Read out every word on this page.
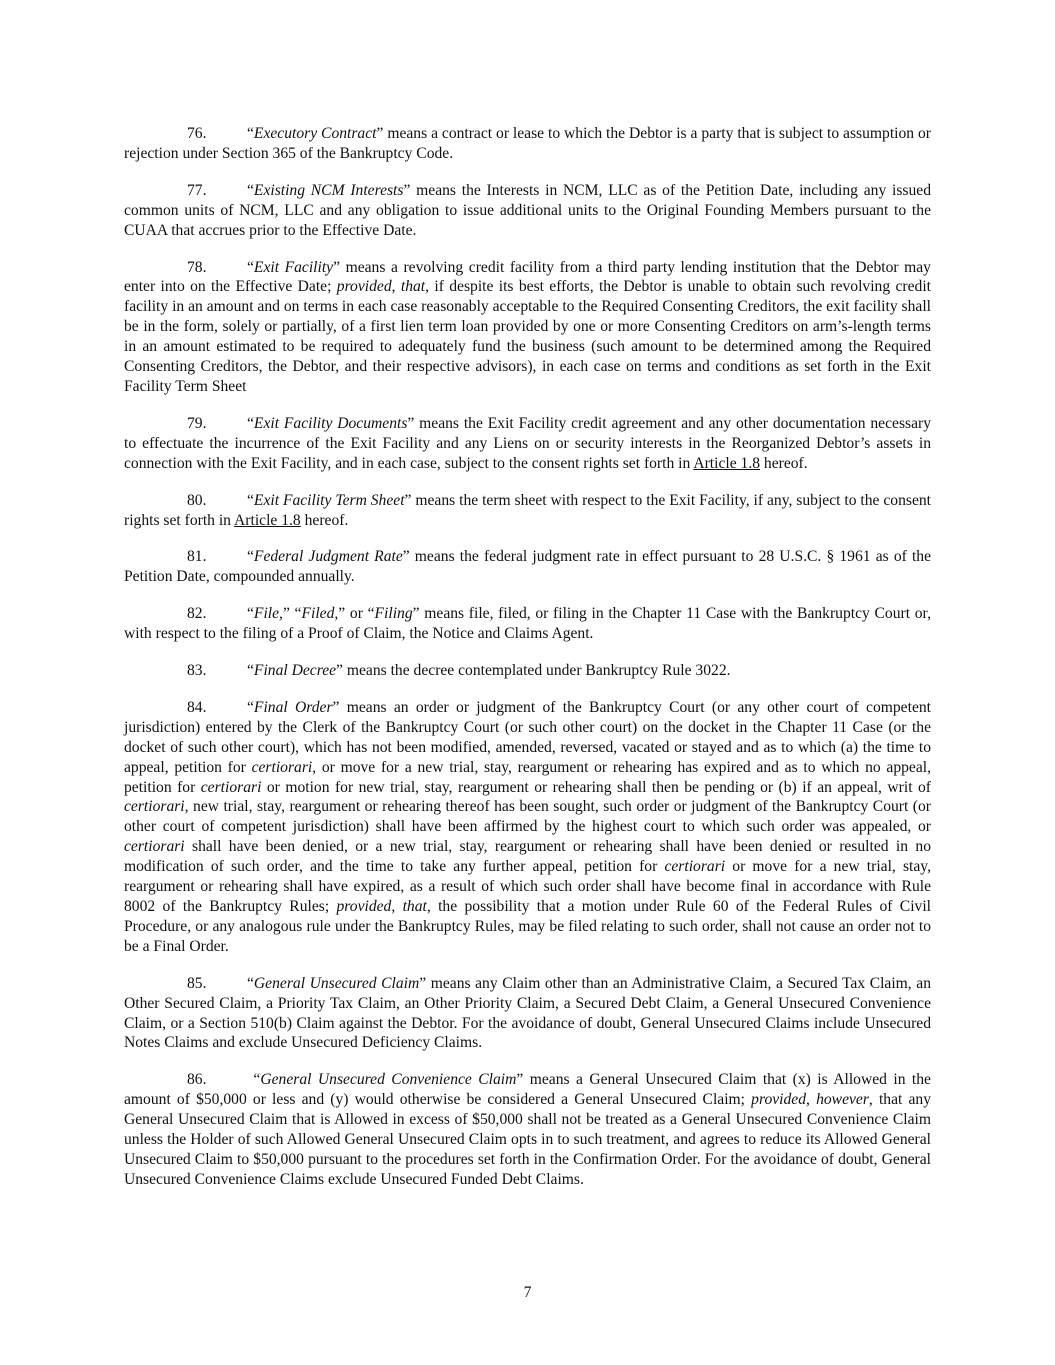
76.	“Executory Contract” means a contract or lease to which the Debtor is a party that is subject to assumption or rejection under Section 365 of the Bankruptcy Code.

77.	“Existing NCM Interests” means the Interests in NCM, LLC as of the Petition Date, including any issued common units of NCM, LLC and any obligation to issue additional units to the Original Founding Members pursuant to the CUAA that accrues prior to the Effective Date.

78.	“Exit Facility” means a revolving credit facility from a third party lending institution that the Debtor may enter into on the Effective Date; provided, that, if despite its best efforts, the Debtor is unable to obtain such revolving credit facility in an amount and on terms in each case reasonably acceptable to the Required Consenting Creditors, the exit facility shall be in the form, solely or partially, of a first lien term loan provided by one or more Consenting Creditors on arm’s-length terms in an amount estimated to be required to adequately fund the business (such amount to be determined among the Required Consenting Creditors, the Debtor, and their respective advisors), in each case on terms and conditions as set forth in the Exit Facility Term Sheet

79.	“Exit Facility Documents” means the Exit Facility credit agreement and any other documentation necessary to effectuate the incurrence of the Exit Facility and any Liens on or security interests in the Reorganized Debtor’s assets in connection with the Exit Facility, and in each case, subject to the consent rights set forth in Article 1.8 hereof.

80.	“Exit Facility Term Sheet” means the term sheet with respect to the Exit Facility, if any, subject to the consent rights set forth in Article 1.8 hereof.

81.	“Federal Judgment Rate” means the federal judgment rate in effect pursuant to 28 U.S.C. § 1961 as of the Petition Date, compounded annually.

82.	“File,” “Filed,” or “Filing” means file, filed, or filing in the Chapter 11 Case with the Bankruptcy Court or, with respect to the filing of a Proof of Claim, the Notice and Claims Agent.

83.	“Final Decree” means the decree contemplated under Bankruptcy Rule 3022.

84.	“Final Order” means an order or judgment of the Bankruptcy Court (or any other court of competent jurisdiction) entered by the Clerk of the Bankruptcy Court (or such other court) on the docket in the Chapter 11 Case (or the docket of such other court), which has not been modified, amended, reversed, vacated or stayed and as to which (a) the time to appeal, petition for certiorari, or move for a new trial, stay, reargument or rehearing has expired and as to which no appeal, petition for certiorari or motion for new trial, stay, reargument or rehearing shall then be pending or (b) if an appeal, writ of certiorari, new trial, stay, reargument or rehearing thereof has been sought, such order or judgment of the Bankruptcy Court (or other court of competent jurisdiction) shall have been affirmed by the highest court to which such order was appealed, or certiorari shall have been denied, or a new trial, stay, reargument or rehearing shall have been denied or resulted in no modification of such order, and the time to take any further appeal, petition for certiorari or move for a new trial, stay, reargument or rehearing shall have expired, as a result of which such order shall have become final in accordance with Rule 8002 of the Bankruptcy Rules; provided, that, the possibility that a motion under Rule 60 of the Federal Rules of Civil Procedure, or any analogous rule under the Bankruptcy Rules, may be filed relating to such order, shall not cause an order not to be a Final Order.

85.	“General Unsecured Claim” means any Claim other than an Administrative Claim, a Secured Tax Claim, an Other Secured Claim, a Priority Tax Claim, an Other Priority Claim, a Secured Debt Claim, a General Unsecured Convenience Claim, or a Section 510(b) Claim against the Debtor. For the avoidance of doubt, General Unsecured Claims include Unsecured Notes Claims and exclude Unsecured Deficiency Claims.

86.	“General Unsecured Convenience Claim” means a General Unsecured Claim that (x) is Allowed in the amount of $50,000 or less and (y) would otherwise be considered a General Unsecured Claim; provided, however, that any General Unsecured Claim that is Allowed in excess of $50,000 shall not be treated as a General Unsecured Convenience Claim unless the Holder of such Allowed General Unsecured Claim opts in to such treatment, and agrees to reduce its Allowed General Unsecured Claim to $50,000 pursuant to the procedures set forth in the Confirmation Order. For the avoidance of doubt, General Unsecured Convenience Claims exclude Unsecured Funded Debt Claims.

7
